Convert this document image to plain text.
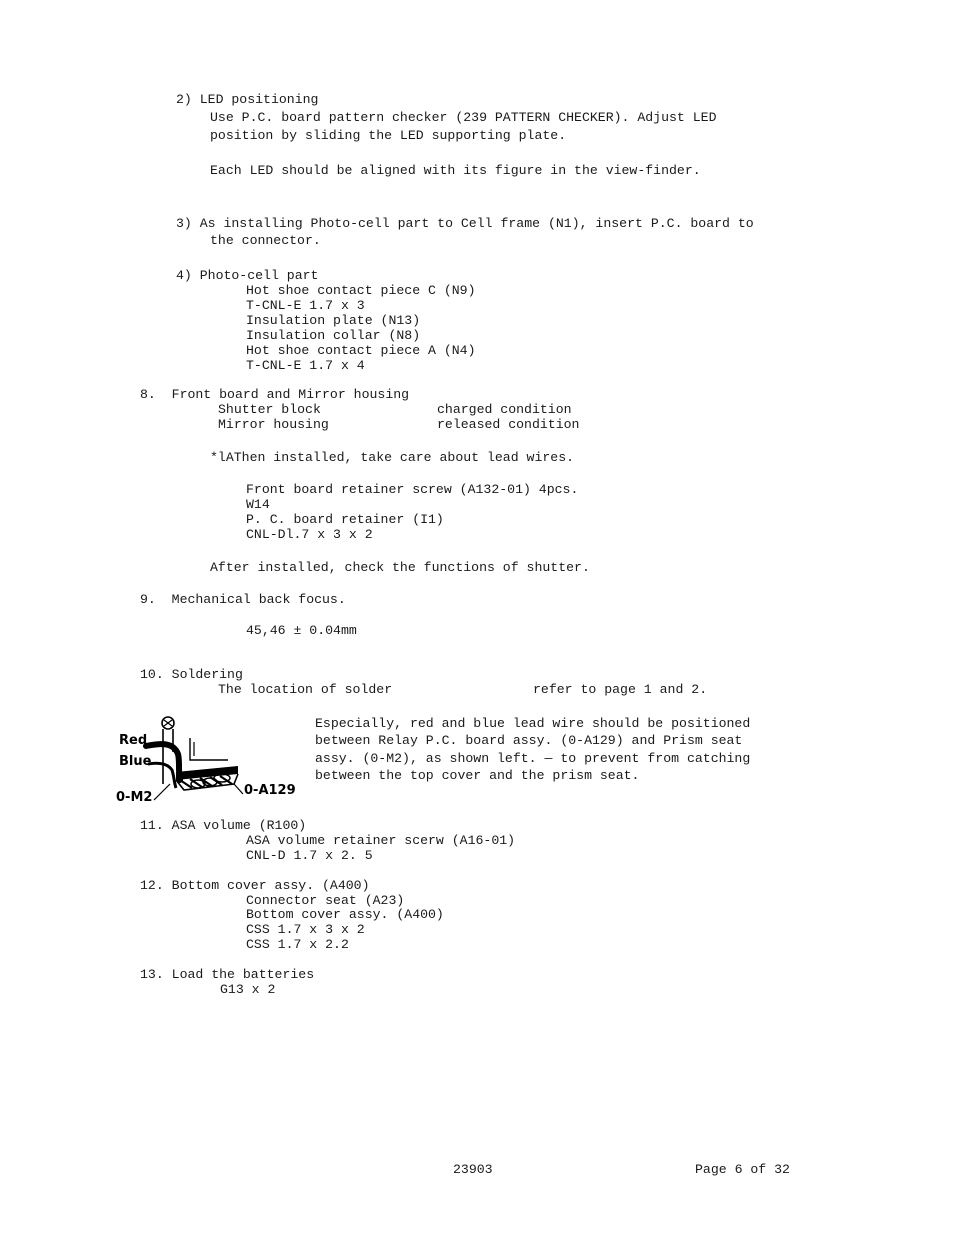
2) LED positioning
Use P.C. board pattern checker (239 PATTERN CHECKER). Adjust LED
position by sliding the LED supporting plate.
Each LED should be aligned with its figure in the view-finder.
3) As installing Photo-cell part to Cell frame (N1), insert P.C. board to
the connector.
4) Photo-cell part
Hot shoe contact piece C (N9)
T-CNL-E 1.7 x 3
Insulation plate (N13)
Insulation collar (N8)
Hot shoe contact piece A (N4)
T-CNL-E 1.7 x 4
8.  Front board and Mirror housing
Shutter block	charged condition
Mirror housing	released condition
*lAThen installed, take care about lead wires.
Front board retainer screw (A132-01) 4pcs.
W14
P. C. board retainer (I1)
CNL-Dl.7 x 3 x 2
After installed, check the functions of shutter.
9.  Mechanical back focus.
45,46 ± 0.04mm
10. Soldering
The location of solder	refer to page 1 and 2.
Especially, red and blue lead wire should be positioned
between Relay P.C. board assy. (0-A129) and Prism seat
assy. (0-M2), as shown left. — to prevent from catching
between the top cover and the prism seat.
Red
Blue
0-M2	0-A129
11. ASA volume (R100)
ASA volume retainer scerw (A16-01)
CNL-D 1.7 x 2. 5
12. Bottom cover assy. (A400)
Connector seat (A23)
Bottom cover assy. (A400)
CSS 1.7 x 3 x 2
CSS 1.7 x 2.2
13. Load the batteries
G13 x 2
23903	Page 6 of 32
